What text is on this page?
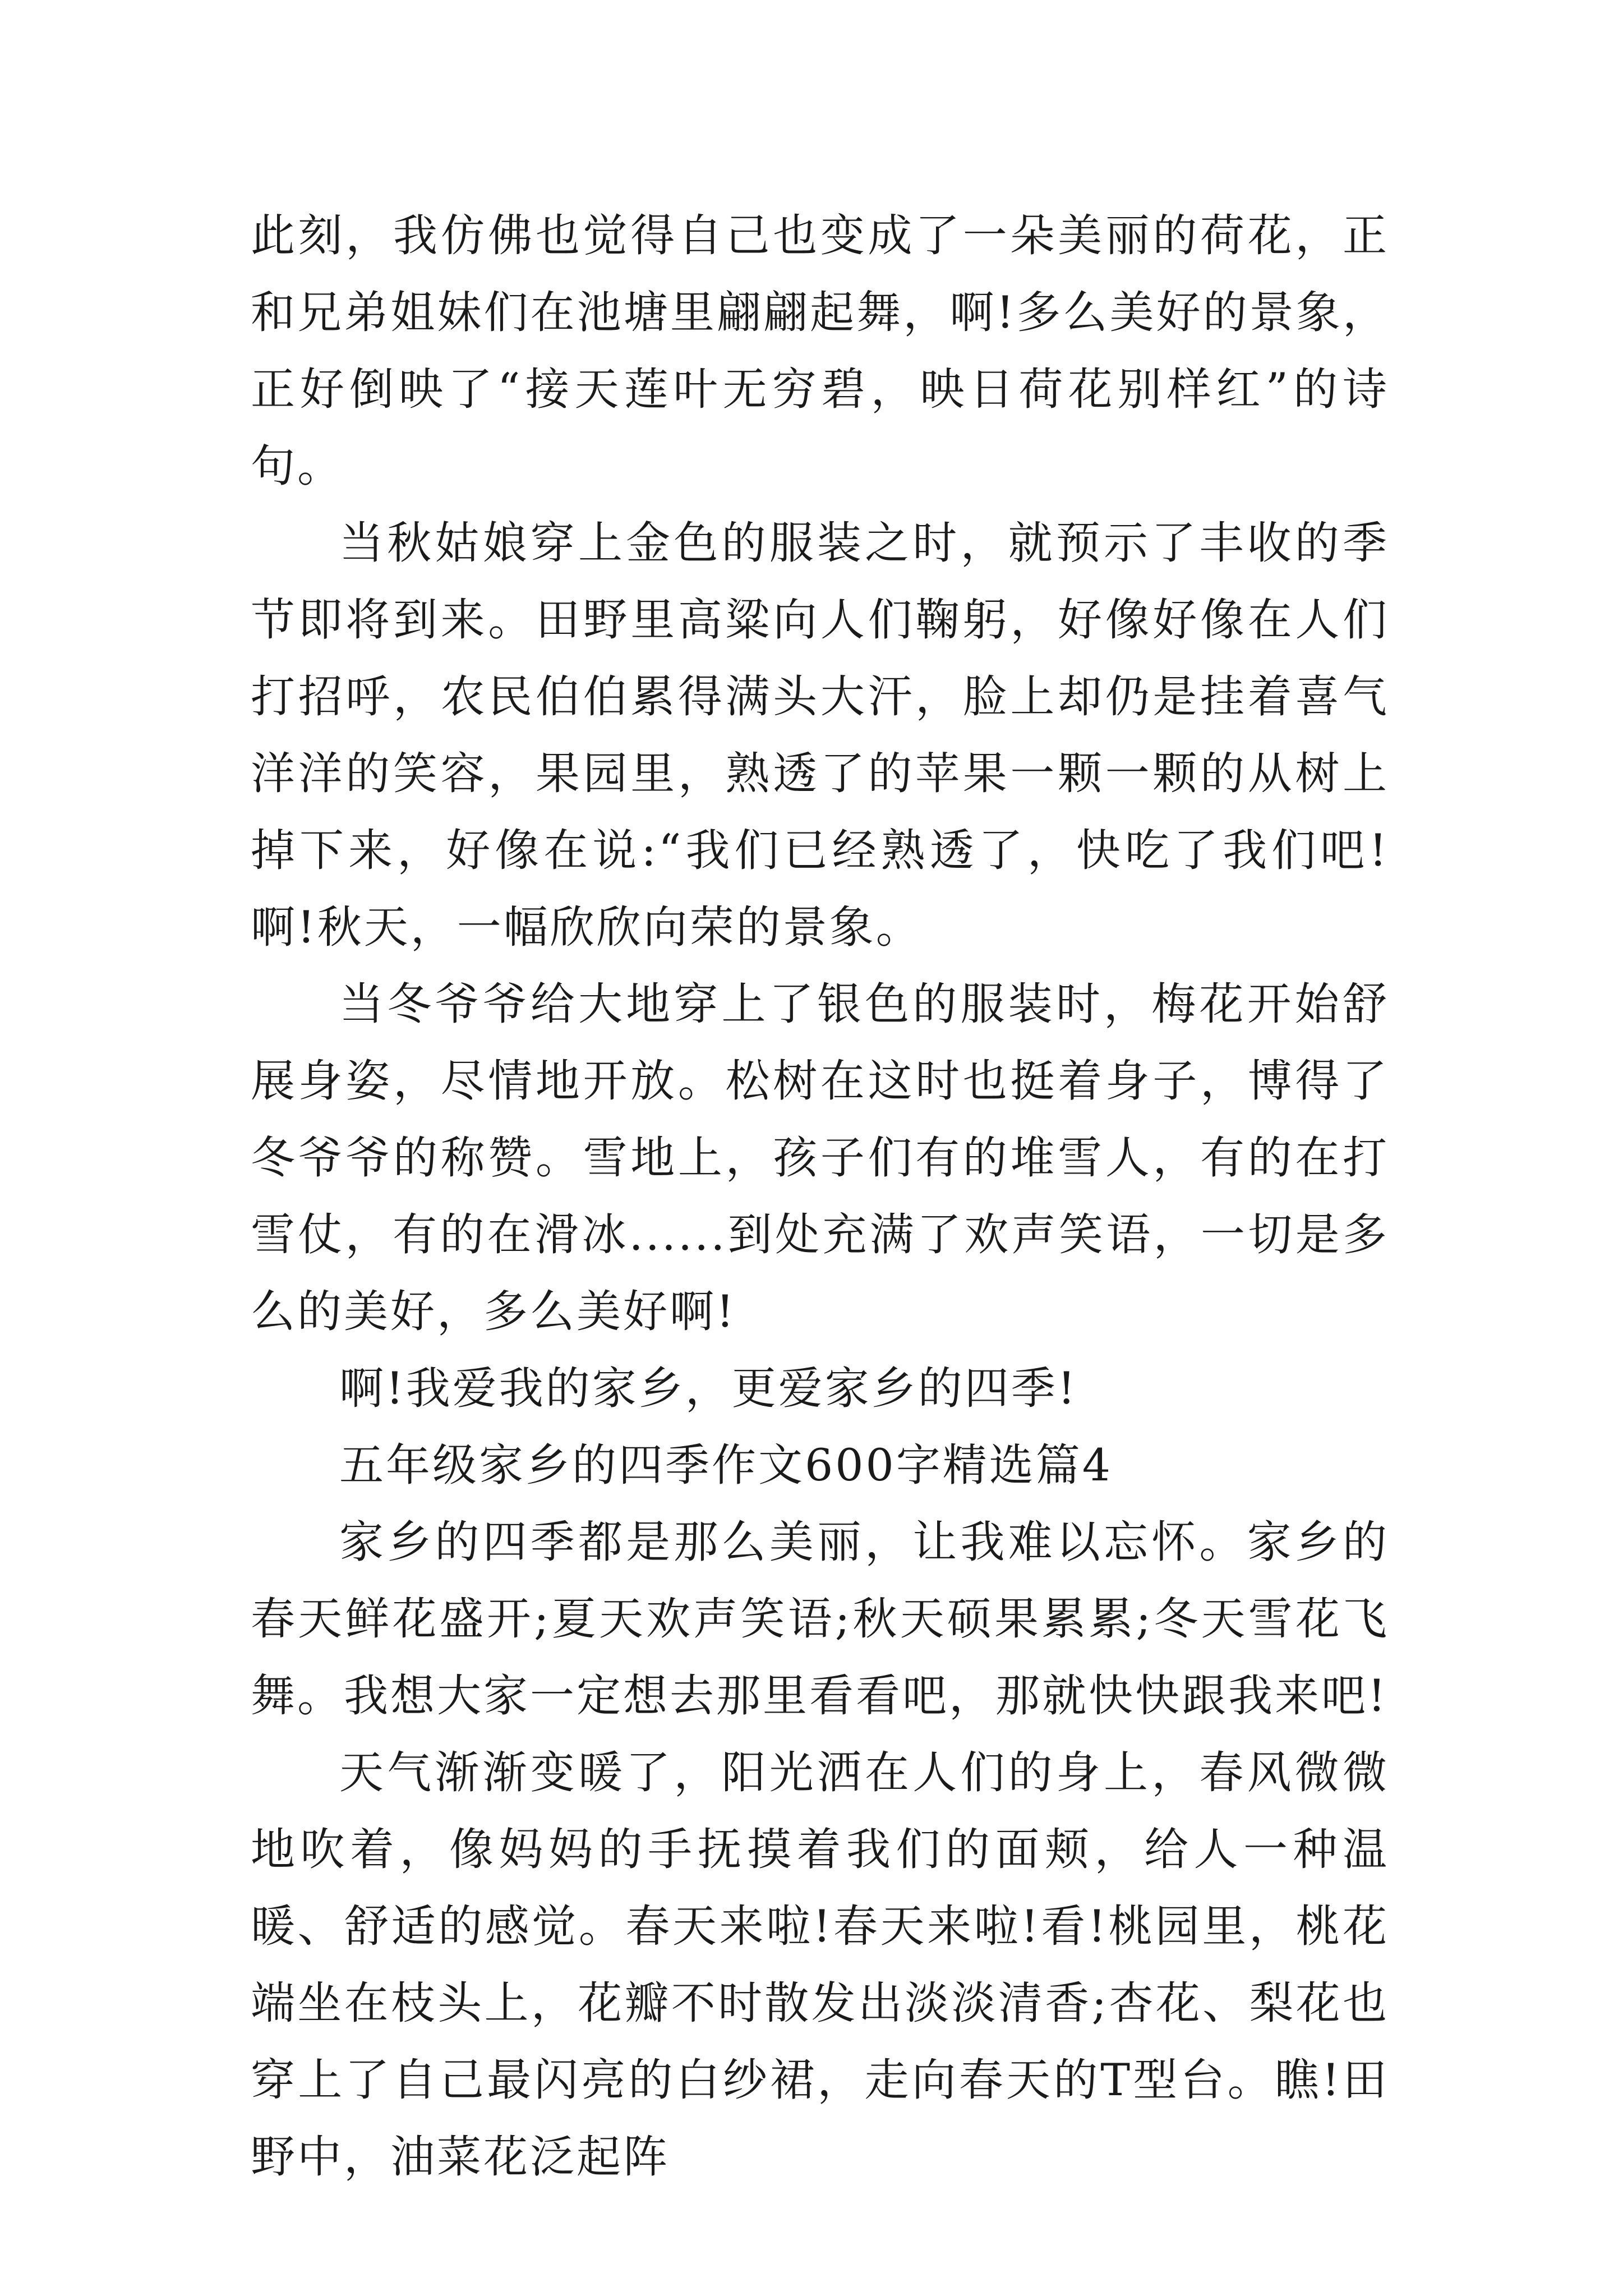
此刻，我仿佛也觉得自己也变成了一朵美丽的荷花，正和兄弟姐妹们在池塘里翩翩起舞，啊!多么美好的景象，正好倒映了“接天莲叶无穷碧，映日荷花别样红”的诗句。

当秋姑娘穿上金色的服装之时，就预示了丰收的季节即将到来。田野里高粱向人们鞠躬，好像好像在人们打招呼，农民伯伯累得满头大汗，脸上却仍是挂着喜气洋洋的笑容，果园里，熟透了的苹果一颗一颗的从树上掉下来，好像在说:“我们已经熟透了，快吃了我们吧!啊!秋天，一幅欣欣向荣的景象。

当冬爷爷给大地穿上了银色的服装时，梅花开始舒展身姿，尽情地开放。松树在这时也挺着身子，博得了冬爷爷的称赞。雪地上，孩子们有的堆雪人，有的在打雪仗，有的在滑冰......到处充满了欢声笑语，一切是多么的美好，多么美好啊!

啊!我爱我的家乡，更爱家乡的四季!

五年级家乡的四季作文600字精选篇4

家乡的四季都是那么美丽，让我难以忘怀。家乡的春天鲜花盛开;夏天欢声笑语;秋天硕果累累;冬天雪花飞舞。我想大家一定想去那里看看吧，那就快快跟我来吧!

天气渐渐变暖了，阳光洒在人们的身上，春风微微地吹着，像妈妈的手抚摸着我们的面颊，给人一种温暖、舒适的感觉。春天来啦!春天来啦!看!桃园里，桃花端坐在枝头上，花瓣不时散发出淡淡清香;杏花、梨花也穿上了自己最闪亮的白纱裙，走向春天的T型台。瞧!田野中，油菜花泛起阵
